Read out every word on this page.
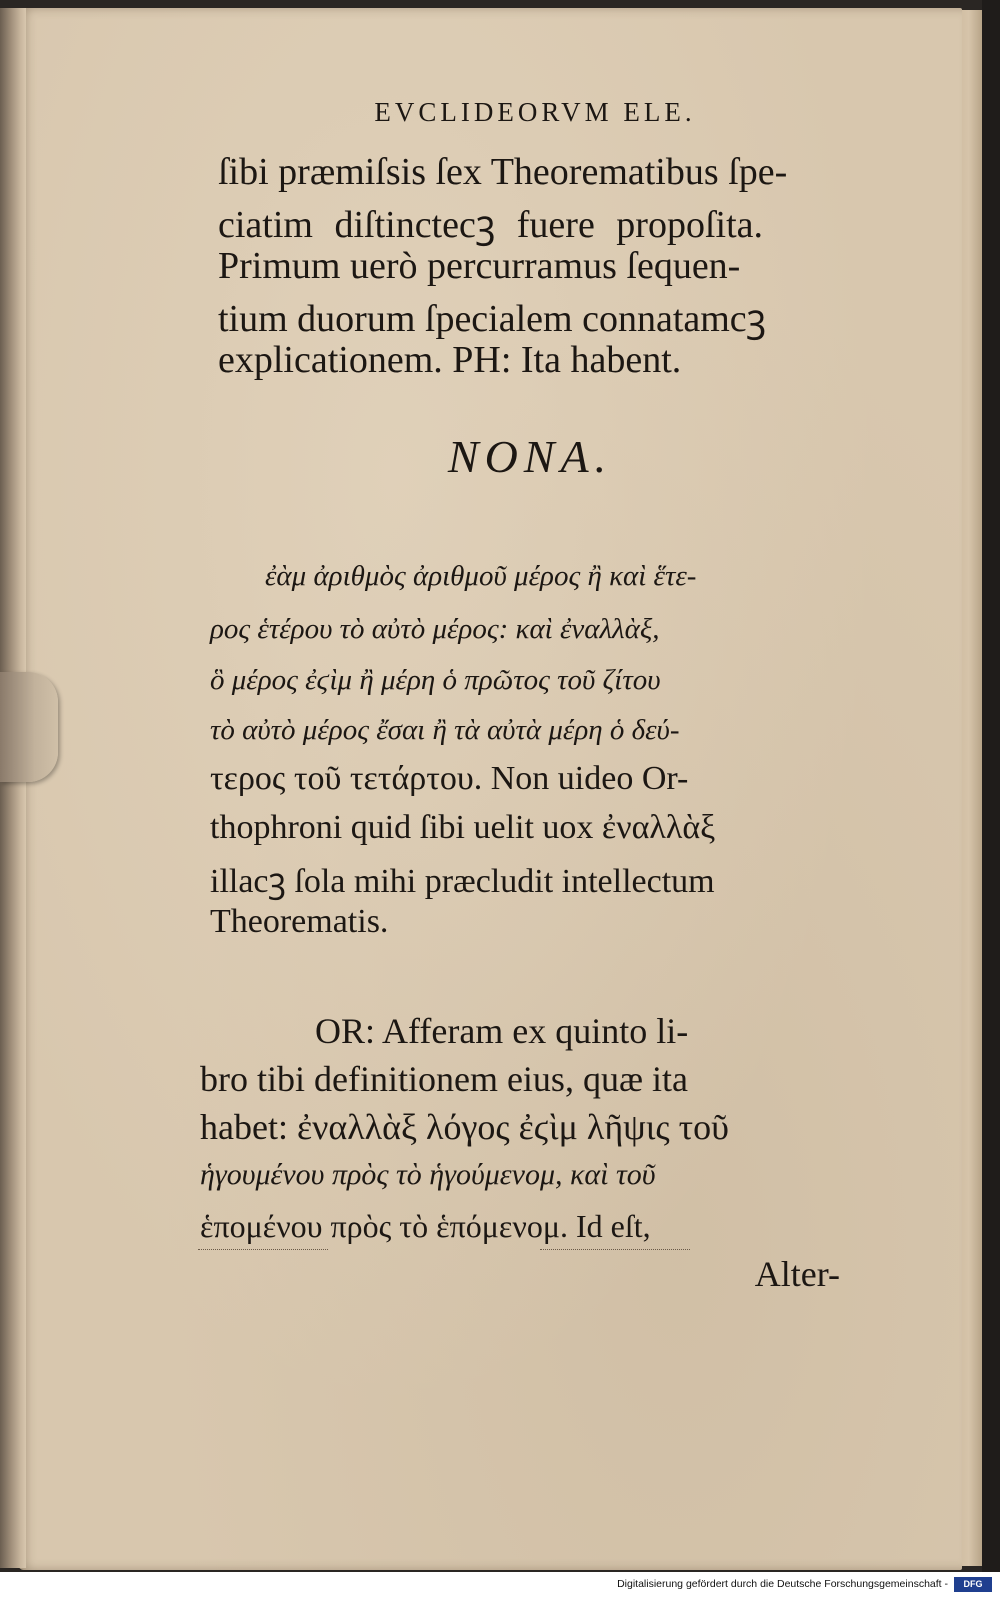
EVCLIDEORVM ELE.
ſibi præmiſsis ſex Theorematibus ſpe-
ciatim diſtinctecꝫ fuere propoſita.
Primum uerò percurramus ſequen-
tium duorum ſpecialem connatamcꝫ
explicationem. PH: Ita habent.
NONA.
ἐὰμ ἀριθμὸς ἀριθμοῦ μέρος ἢ καὶ ἕτε-
ρος ἑτέρου τὸ αὐτὸ μέρος: καὶ ἐναλλὰξ,
ὃ μέρος ἐϛὶμ ἢ μέρη ὁ πρῶτος τοῦ ζίτου
τὸ αὐτὸ μέρος ἔσαι ἢ τὰ αὐτὰ μέρη ὁ δεύ-
τερος τοῦ τετάρτου. Non uideo Or-
thophroni quid ſibi uelit uox ἐναλλὰξ
illacꝫ ſola mihi præcludit intellectum
Theorematis.
OR: Afferam ex quinto li-
bro tibi definitionem eius, quæ ita
habet: ἐναλλὰξ λόγος ἐϛὶμ λῆψις τοῦ
ἡγουμένου πρὸς τὸ ἡγούμενομ, καὶ τοῦ
ἑπομένου πρὸς τὸ ἑπόμενομ. Id eſt,
Alter-
Digitalisierung gefördert durch die Deutsche Forschungsgemeinschaft -	DFG
